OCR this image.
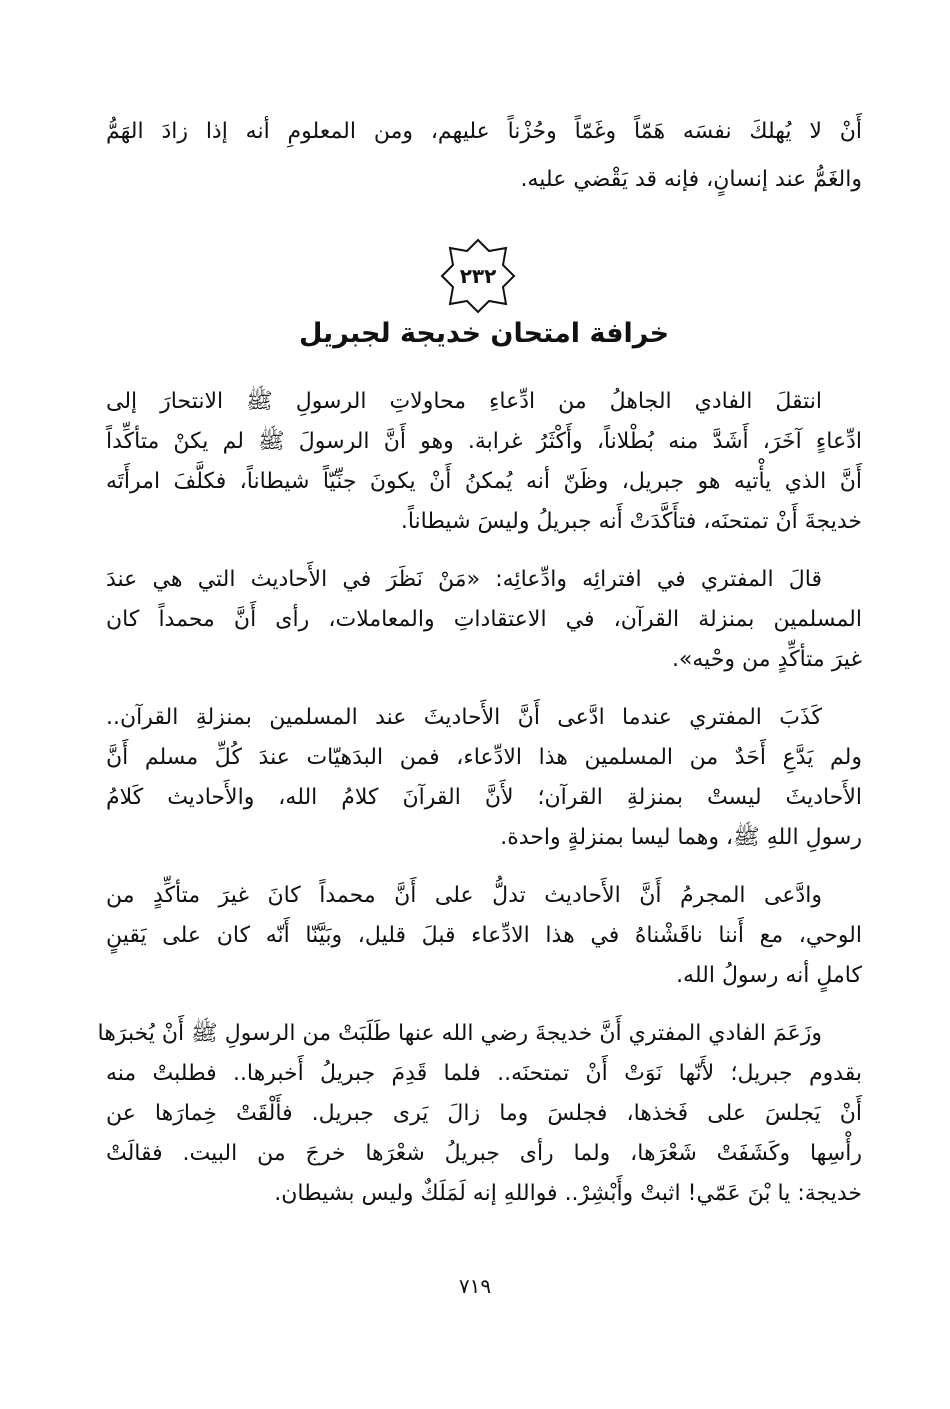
أَنْ لا يُهلكَ نفسَه هَمّاً وغَمّاً وحُزْناً عليهم، ومن المعلومِ أنه إذا زادَ الهَمُّ
والغَمُّ عند إنسانٍ، فإنه قد يَقْضي عليه.
٢٣٢
خرافة امتحان خديجة لجبريل
انتقلَ الفادي الجاهلُ من ادِّعاءِ محاولاتِ الرسولِ ﷺ الانتحارَ إلى
ادِّعاءٍ آخَرَ، أَشَدَّ منه بُطْلاناً، وأَكْثَرُ غرابة. وهو أَنَّ الرسولَ ﷺ لم يكنْ متأكِّداً
أَنَّ الذي يأْتيه هو جبريل، وظَنّ أنه يُمكنُ أَنْ يكونَ جنِّيّاً شيطاناً، فكلَّفَ امرأَتَه
خديجةَ أَنْ تمتحنَه، فتأَكَّدَتْ أَنه جبريلُ وليسَ شيطاناً.
قالَ المفتري في افترائِه وادِّعائِه: «مَنْ نَظَرَ في الأَحاديث التي هي عندَ
المسلمين بمنزلة القرآن، في الاعتقاداتِ والمعاملات، رأى أَنَّ محمداً كان
غيرَ متأكِّدٍ من وحْيه».
كَذَبَ المفتري عندما ادَّعى أَنَّ الأَحاديثَ عند المسلمين بمنزلةِ القرآن..
ولم يَدَّعِ أَحَدٌ من المسلمين هذا الادِّعاء، فمن البدَهيّات عندَ كُلِّ مسلم أَنَّ
الأَحاديثَ ليستْ بمنزلةِ القرآن؛ لأَنَّ القرآنَ كلامُ الله، والأَحاديث كَلامُ
رسولِ اللهِ ﷺ، وهما ليسا بمنزلةٍ واحدة.
وادَّعى المجرمُ أَنَّ الأَحاديث تدلُّ على أَنَّ محمداً كانَ غيرَ متأكِّدٍ من
الوحي، مع أَننا ناقَشْناهُ في هذا الادِّعاء قبلَ قليل، وبَيَّنّا أَنّه كان على يَقينٍ
كاملٍ أنه رسولُ الله.
وزَعَمَ الفادي المفتري أَنَّ خديجةَ رضي الله عنها طَلَبَتْ من الرسولِ ﷺ أَنْ يُخبرَها
بقدوم جبريل؛ لأَنّها نَوَتْ أَنْ تمتحنَه.. فلما قَدِمَ جبريلُ أَخبرها.. فطلبتْ منه
أَنْ يَجلسَ على فَخذها، فجلسَ وما زالَ يَرى جبريل. فأَلْقَتْ خِمارَها عن
رأْسِها وكَشَفَتْ شَعْرَها، ولما رأى جبريلُ شعْرَها خرجَ من البيت. فقالَتْ
خديجة: يا بْنَ عَمّي! اثبتْ وأَبْشِرْ.. فواللهِ إنه لَمَلَكٌ وليس بشيطان.
٧١٩
